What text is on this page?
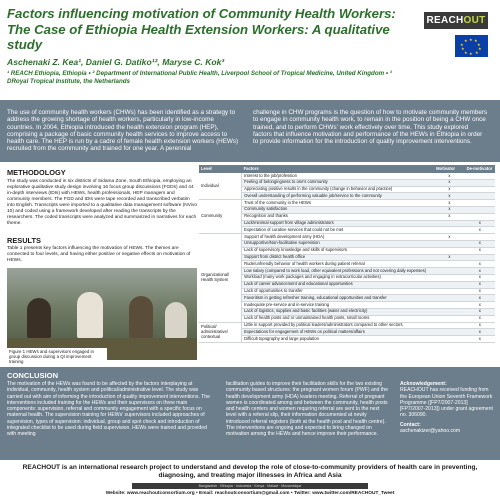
Factors influencing motivation of Community Health Workers: The Case of Ethiopia Health Extension Workers: A qualitative study
Aschenaki Z. Kea¹, Daniel G. Datiko¹², Maryse C. Kok³
¹ REACH Ethiopia, Ethiopia • ² Department of International Public Health, Liverpool School of Tropical Medicine, United Kingdom • ³ DRoyal Tropical Institute, the Netherlands
REACHOUT
★ ★
★
★
★
★
★
★
★
★
The use of community health workers (CHWs) has been identified as a strategy to address the growing shortage of health workers, particularly in low-income countries. In 2004, Ethiopia introduced the health extension program (HEP), comprising a package of basic community health services to improve access to health care. The HEP is run by a cadre of female health extension workers (HEWs) recruited from the community and trained for one year. A perennial
challenge in CHW programs is the question of how to motivate community members to engage in community health work, to remain in the position of being a CHW once trained, and to perform CHWs' work effectively over time. This study explored factors that influence motivation and performance of the HEWs in Ethiopia in order to provide information for the introduction of quality improvement interventions.
METHODOLOGY
The study was conducted in six districts of Sidama Zone, South Ethiopia, employing an explorative qualitative study design involving 16 focus group discussions (FGDs) and 44 in-depth interviews (IDIs) with HEWs, health professionals, HEP managers and community members. The FGD and IDIs were tape recorded and transcribed verbatim into English. Transcripts were imported to a qualitative data management software (NVivo 10) and coded using a framework developed after reading the transcripts by the researchers. The coded transcripts were analyzed and summarized in narratives for each theme.
RESULTS
Table 1 presents key factors influencing the motivation of HEWs. The themes are connected to four levels, and having either positive or negative effects on motivation of HEWs.
Figure 1 HEWs and supervisors engaged in group discussion during a QI improvement training
Level	Factors	Motivator	De-motivator
Individual	Interest to the job/profession	x	
	Feeling of belongingness to one's community	x	
	Appreciating positive results in the community (change in behavior and practice)	x	
	Overall understanding of performing valuable job/service to the community	x	
Community	Trust of the community in the HEWs	x	
	Community satisfaction	x	
	Recognition and thanks	x	
	Lack/minimal support from village administrators		x
	Expectation of curative services that could not be met		x
Organizational/ Health System	Support of health development army (HDA)	x	
	Unsupportive/Non-facilitative supervision		x
	Lack of supervisory knowledge and skills of supervisors		x
	Support from district health office	x	
	Rude/unfriendly behavior of health workers during patient referral		x
	Low salary (compared to work load, other equivalent professions and not covering daily expenses)		x
	Workload (many work packages and engaging in extracurricular activities)		x
	Lack of career advancement and educational opportunities		x
	Lack of opportunities to transfer		x
	Favoritism in getting refresher training, educational opportunities and transfer		x
	Inadequate pre-service and in-service training		x
	Lack of logistics, supplies and basic facilities (water and electricity)		x
	Lack of health posts and or unmaintained health posts, small rooms		x
Political/ administrative/ contextual	Little in support provided by political leaders/administrators compared to other sectors		x
	Expectations for engagement of HEWs on political matters/affairs		x
	Difficult topography and large population		x
CONCLUSION
The motivation of the HEWs was found to be affected by the factors interplaying at individual, community, health system and political/administrative level. The study was carried out with aim of informing the introduction of quality improvement interventions. The interventions included training for the HEWs and their supervisors on three main components: supervision, referral and community engagement with a specific focus on maternal health. The supervision training for HEWs' supervisors included approaches of supervision, types of supervision: individual, group and spot check and introduction of integrated checklist to be used during field supervision. HEWs were trained and provided with meeting
facilitation guides to improve their facilitation skills for the two existing community based structures: the pregnant women forum (PWF) and the health development army (HDA) leaders meeting. Referral of pregnant women is coordinated among and between the community, health posts and health centers and women requiring referral are sent to the next level with a referral slip, their information documented at newly introduced referral registers (both at the health post and health centre). The interventions are ongoing and expected to bring changed on motivation among the HEWs and hence improve their performance.
Acknowledgement:
REACHOUT has received funding from the European Union Seventh Framework Programme ([FP7/2007-2013] [FP7/2007-2013]) under grant agreement no. 306090.
Contact:
aschenakizer@yahoo.com
REACHOUT is an international research project to understand and develop the role of close-to-community providers of health care in preventing, diagnosing, and treating major illnesses in Africa and Asia
Bangladesh · Ethiopia · Indonesia · Kenya · Malawi · Mozambique
Website: www.reachoutconsortium.org • Email: reachoutconsortium@gmail.com • Twitter: www.twitter.com/REACHOUT_Tweet
